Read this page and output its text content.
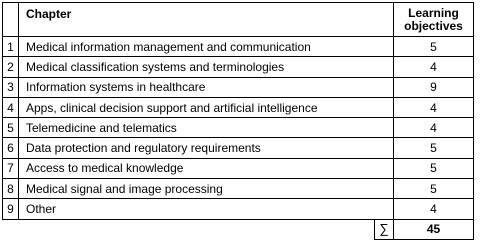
	Chapter		Learning
objectives
1	Medical information management and communication		5
2	Medical classification systems and terminologies		4
3	Information systems in healthcare		9
4	Apps, clinical decision support and artificial intelligence		4
5	Telemedicine and telematics		4
6	Data protection and regulatory requirements		5
7	Access to medical knowledge		5
8	Medical signal and image processing		5
9	Other		4
		∑	45
